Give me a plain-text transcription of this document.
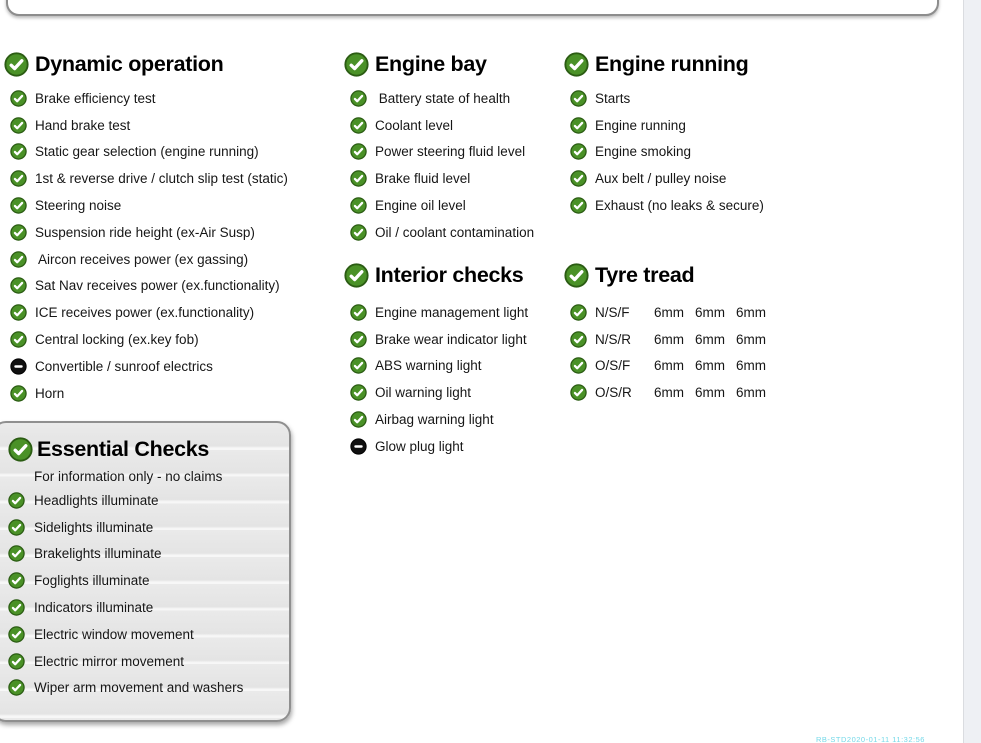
Dynamic operation
Brake efficiency test
Hand brake test
Static gear selection (engine running)
1st & reverse drive / clutch slip test (static)
Steering noise
Suspension ride height (ex-Air Susp)
Aircon receives power (ex gassing)
Sat Nav receives power (ex.functionality)
ICE receives power (ex.functionality)
Central locking (ex.key fob)
Convertible / sunroof electrics
Horn
Engine bay
Battery state of health
Coolant level
Power steering fluid level
Brake fluid level
Engine oil level
Oil / coolant contamination
Engine running
Starts
Engine running
Engine smoking
Aux belt / pulley noise
Exhaust (no leaks & secure)
Interior checks
Engine management light
Brake wear indicator light
ABS warning light
Oil warning light
Airbag warning light
Glow plug light
Tyre tread
N/S/F	6mm 6mm 6mm
N/S/R	6mm 6mm 6mm
O/S/F	6mm 6mm 6mm
O/S/R	6mm 6mm 6mm
Essential Checks
For information only - no claims
Headlights illuminate
Sidelights illuminate
Brakelights illuminate
Foglights illuminate
Indicators illuminate
Electric window movement
Electric mirror movement
Wiper arm movement and washers
RB-STD2020-01-11 11:32:56
